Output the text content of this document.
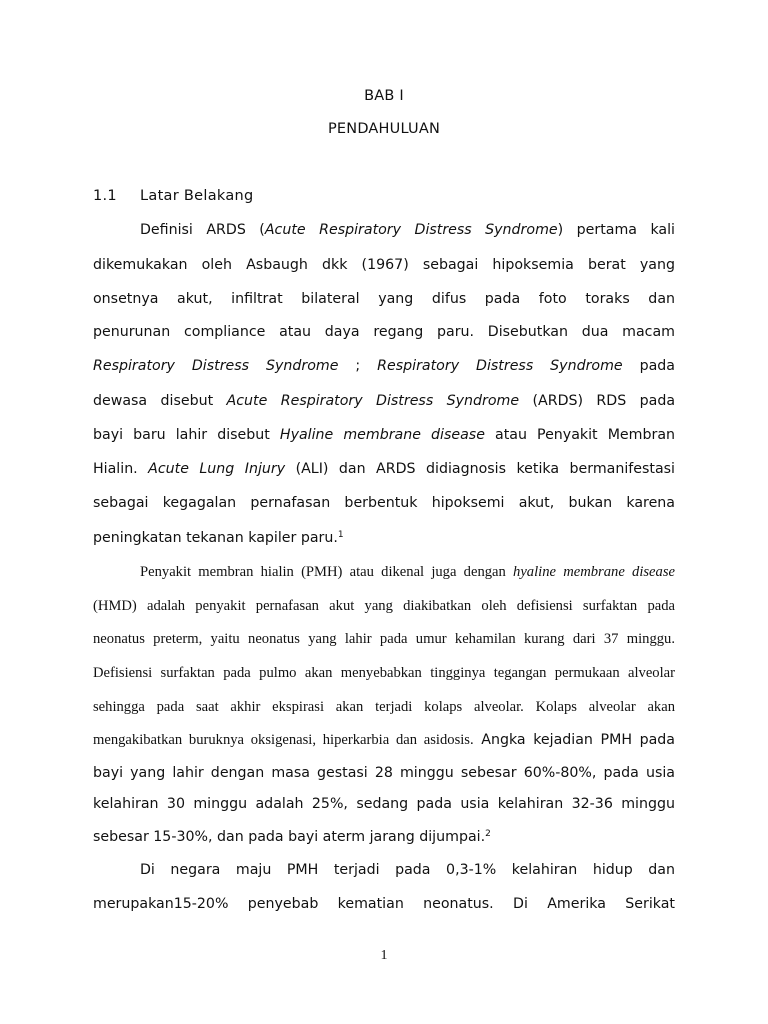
BAB I
PENDAHULUAN
1.1 Latar Belakang
Definisi ARDS (Acute Respiratory Distress Syndrome) pertama kali
dikemukakan oleh Asbaugh dkk (1967) sebagai hipoksemia berat yang
onsetnya akut, infiltrat bilateral yang difus pada foto toraks dan
penurunan compliance atau daya regang paru. Disebutkan dua macam
Respiratory Distress Syndrome ; Respiratory Distress Syndrome pada
dewasa disebut Acute Respiratory Distress Syndrome (ARDS) RDS pada
bayi baru lahir disebut Hyaline membrane disease atau Penyakit Membran
Hialin. Acute Lung Injury (ALI) dan ARDS didiagnosis ketika bermanifestasi
sebagai kegagalan pernafasan berbentuk hipoksemi akut, bukan karena
peningkatan tekanan kapiler paru.$^1$
Penyakit membran hialin (PMH) atau dikenal juga dengan hyaline membrane disease
(HMD) adalah penyakit pernafasan akut yang diakibatkan oleh defisiensi surfaktan pada
neonatus preterm, yaitu neonatus yang lahir pada umur kehamilan kurang dari 37 minggu.
Defisiensi surfaktan pada pulmo akan menyebabkan tingginya tegangan permukaan alveolar
sehingga pada saat akhir ekspirasi akan terjadi kolaps alveolar. Kolaps alveolar akan
mengakibatkan buruknya oksigenasi, hiperkarbia dan asidosis. Angka kejadian PMH pada
bayi yang lahir dengan masa gestasi 28 minggu sebesar 60%-80%, pada usia
kelahiran 30 minggu adalah 25%, sedang pada usia kelahiran 32-36 minggu
sebesar 15-30%, dan pada bayi aterm jarang dijumpai.$^2$
Di negara maju PMH terjadi pada 0,3-1% kelahiran hidup dan
merupakan15-20% penyebab kematian neonatus. Di Amerika Serikat
1
